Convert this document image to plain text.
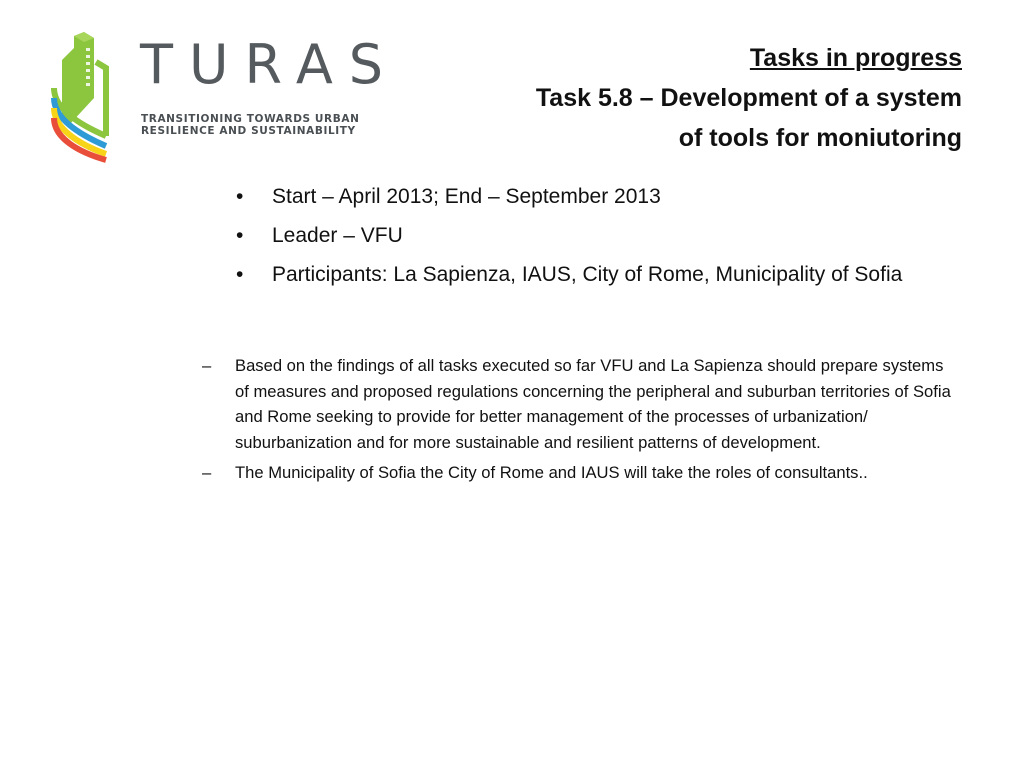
TURAS
TRANSITIONING TOWARDS URBAN
RESILIENCE AND SUSTAINABILITY
Tasks in progress
Task 5.8 – Development of a system
of tools for moniutoring
• Start – April 2013; End – September 2013
• Leader – VFU
• Participants: La Sapienza, IAUS, City of Rome, Municipality of Sofia
– Based on the findings of all tasks executed so far VFU and La Sapienza should prepare systems of measures and proposed regulations concerning the peripheral and suburban territories of Sofia and Rome seeking to provide for better management of the processes of urbanization/ suburbanization and for more sustainable and resilient patterns of development.
– The Municipality of Sofia the City of Rome and IAUS will take the roles of consultants..
